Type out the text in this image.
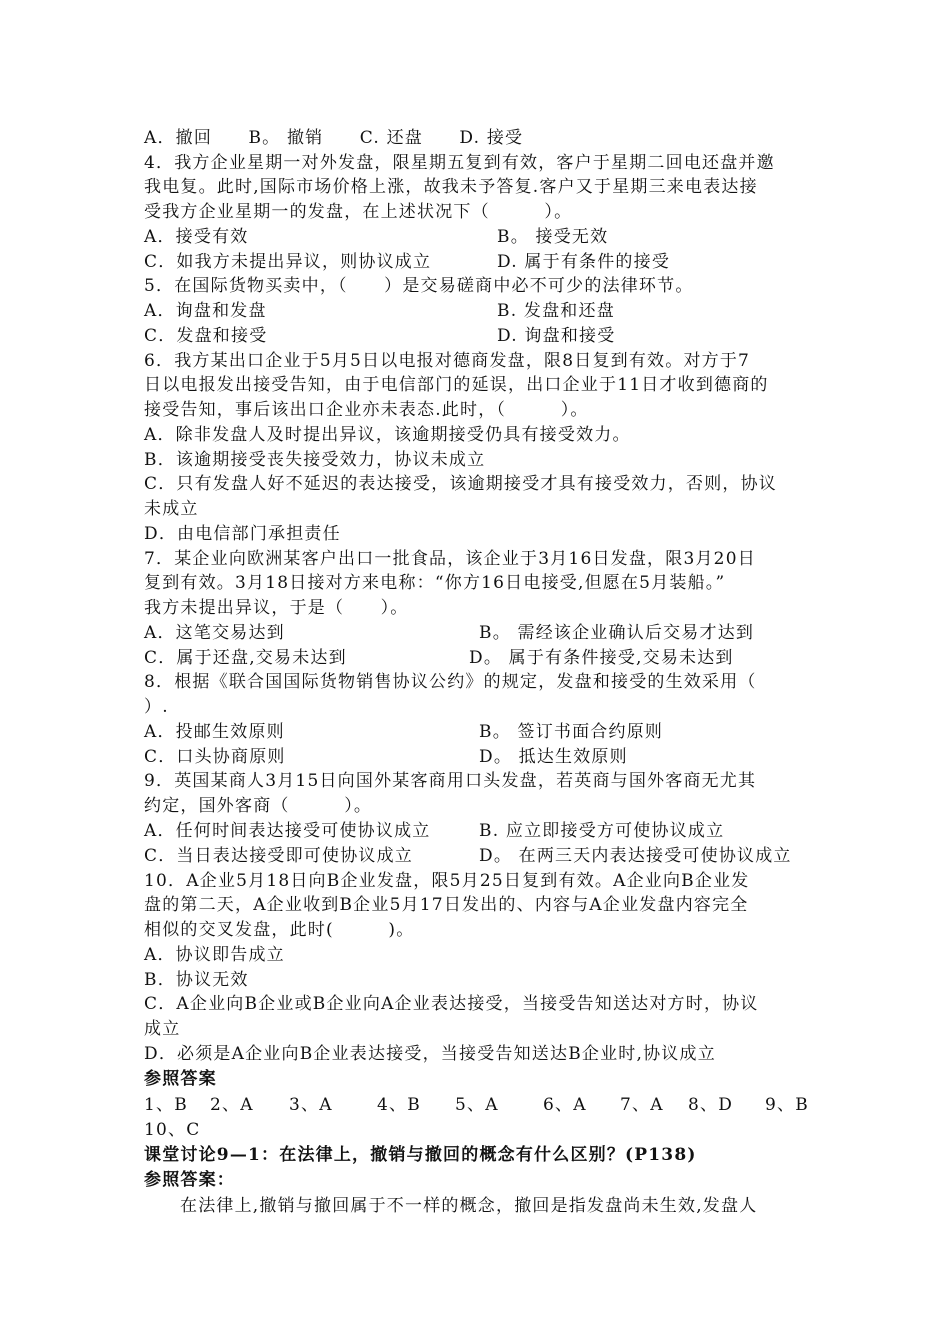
A．撤回　　B。 撤销　　C. 还盘　　D. 接受
4．我方企业星期一对外发盘，限星期五复到有效，客户于星期二回电还盘并邀
我电复。此时,国际市场价格上涨，故我未予答复.客户又于星期三来电表达接
受我方企业星期一的发盘，在上述状况下（　　　）。
A．接受有效	B。 接受无效
C．如我方未提出异议，则协议成立	D. 属于有条件的接受
5．在国际货物买卖中，（　　）是交易磋商中必不可少的法律环节。
A．询盘和发盘	B. 发盘和还盘
C．发盘和接受	D. 询盘和接受
6．我方某出口企业于5月5日以电报对德商发盘，限8日复到有效。对方于7
日以电报发出接受告知，由于电信部门的延误，出口企业于11日才收到德商的
接受告知，事后该出口企业亦未表态.此时，（　　　）。
A．除非发盘人及时提出异议，该逾期接受仍具有接受效力。
B．该逾期接受丧失接受效力，协议未成立
C．只有发盘人好不延迟的表达接受，该逾期接受才具有接受效力，否则，协议
未成立
D．由电信部门承担责任
7．某企业向欧洲某客户出口一批食品，该企业于3月16日发盘，限3月20日
复到有效。3月18日接对方来电称：“你方16日电接受,但愿在5月装船。”
我方未提出异议，于是（　　）。
A．这笔交易达到	B。 需经该企业确认后交易才达到
C．属于还盘,交易未达到	D。 属于有条件接受,交易未达到
8．根据《联合国国际货物销售协议公约》的规定，发盘和接受的生效采用（
）.
A．投邮生效原则	B。 签订书面合约原则
C．口头协商原则	D。 抵达生效原则
9．英国某商人3月15日向国外某客商用口头发盘，若英商与国外客商无尤其
约定，国外客商（　　　）。
A．任何时间表达接受可使协议成立	B. 应立即接受方可使协议成立
C．当日表达接受即可使协议成立	D。 在两三天内表达接受可使协议成立
10．A企业5月18日向B企业发盘，限5月25日复到有效。A企业向B企业发
盘的第二天，A企业收到B企业5月17日发出的、内容与A企业发盘内容完全
相似的交叉发盘，此时(　　　)。
A．协议即告成立
B．协议无效
C．A企业向B企业或B企业向A企业表达接受，当接受告知送达对方时，协议
成立
D．必须是A企业向B企业表达接受，当接受告知送达B企业时,协议成立
参照答案
1、B 2、A 3、A	4、B 5、A	6、A 7、A 8、D 9、B
10、C
课堂讨论9—1：在法律上，撤销与撤回的概念有什么区别？(P138)
参照答案：
在法律上,撤销与撤回属于不一样的概念，撤回是指发盘尚未生效,发盘人
